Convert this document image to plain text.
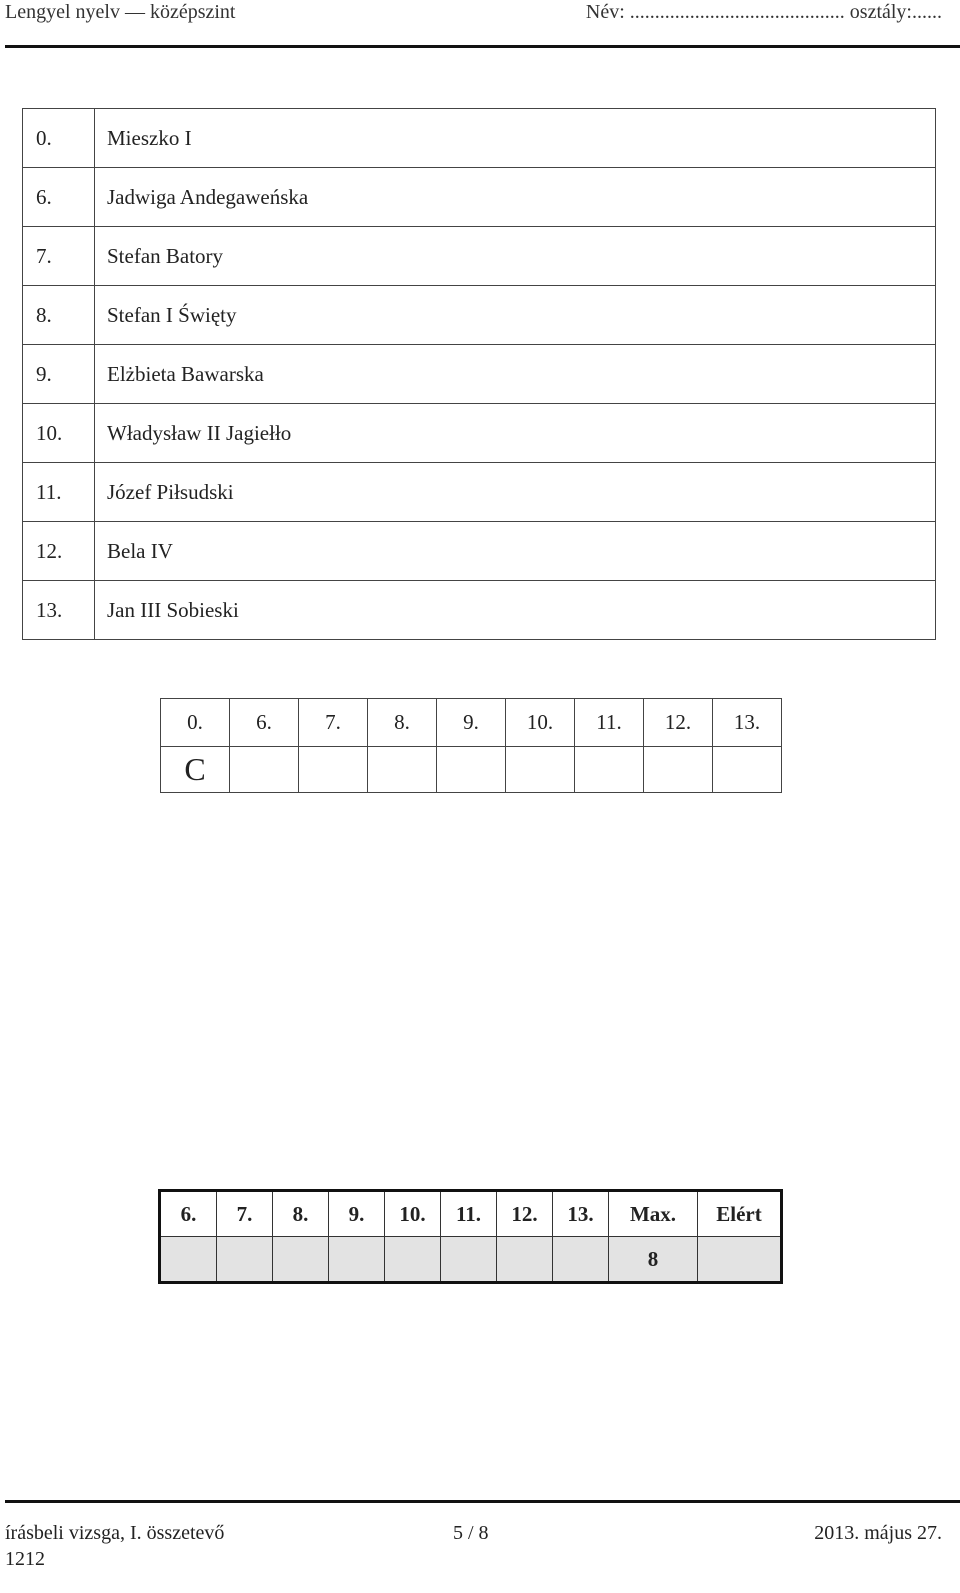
Lengyel nyelv — középszint	Név: ........................................... osztály:......
0.	Mieszko I
6.	Jadwiga Andegaweńska
7.	Stefan Batory
8.	Stefan I Święty
9.	Elżbieta Bawarska
10.	Władysław II Jagiełło
11.	Józef Piłsudski
12.	Bela IV
13.	Jan III Sobieski
0.	6.	7.	8.	9.	10.	11.	12.	13.
C								
6.	7.	8.	9.	10.	11.	12.	13.	Max.	Elért
								8	
írásbeli vizsga, I. összetevő
1212
5 / 8	2013. május 27.
